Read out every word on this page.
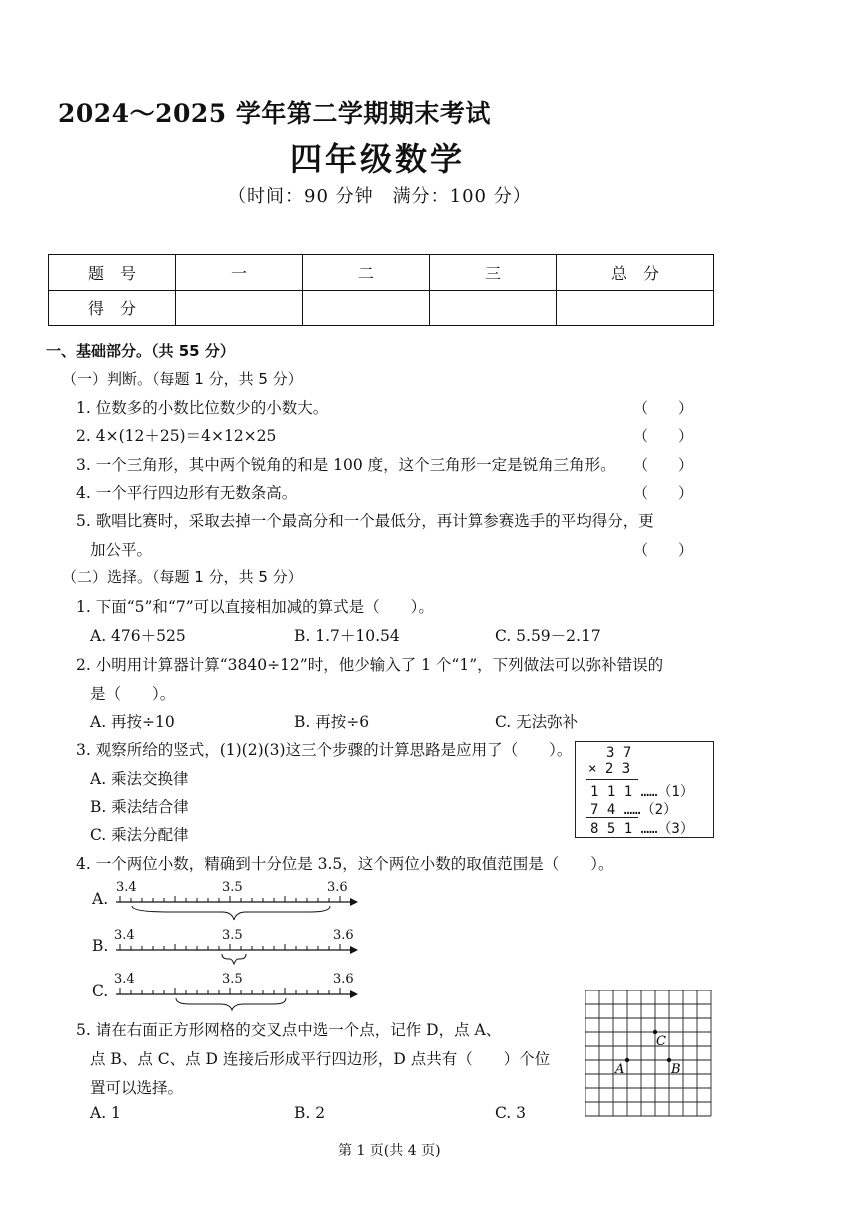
2024～2025 学年第二学期期末考试
四年级数学
（时间：90 分钟　满分：100 分）
题　号	一	二	三	总　分
得　分				
一、基础部分。（共 55 分）
（一）判断。（每题 1 分，共 5 分）
1. 位数多的小数比位数少的小数大。	（　　）
2. 4×(12＋25)＝4×12×25	（　　）
3. 一个三角形，其中两个锐角的和是 100 度，这个三角形一定是锐角三角形。 （　　）
4. 一个平行四边形有无数条高。	（　　）
5. 歌唱比赛时，采取去掉一个最高分和一个最低分，再计算参赛选手的平均得分，更
加公平。	（　　）
（二）选择。（每题 1 分，共 5 分）
1. 下面“5”和“7”可以直接相加减的算式是（　　）。
A. 476＋525	B. 1.7＋10.54	C. 5.59－2.17
2. 小明用计算器计算“3840÷12”时，他少输入了 1 个“1”，下列做法可以弥补错误的
是（　　）。
A. 再按÷10	B. 再按÷6	C. 无法弥补
3. 观察所给的竖式，(1)(2)(3)这三个步骤的计算思路是应用了（　　）。
A. 乘法交换律
B. 乘法结合律
C. 乘法分配律
3 7
× 2 3
1 1 1 ……（1）
7 4 ……（2）
8 5 1 ……（3）
4. 一个两位小数，精确到十分位是 3.5，这个两位小数的取值范围是（　　）。
A.
B.
C.
3.4	3.5	3.6
3.4	3.5	3.6
3.4	3.5	3.6
5. 请在右面正方形网格的交叉点中选一个点，记作 D，点 A、
点 B、点 C、点 D 连接后形成平行四边形，D 点共有（　　）个位
置可以选择。
A. 1	B. 2	C. 3
A	B
C
第 1 页(共 4 页)
